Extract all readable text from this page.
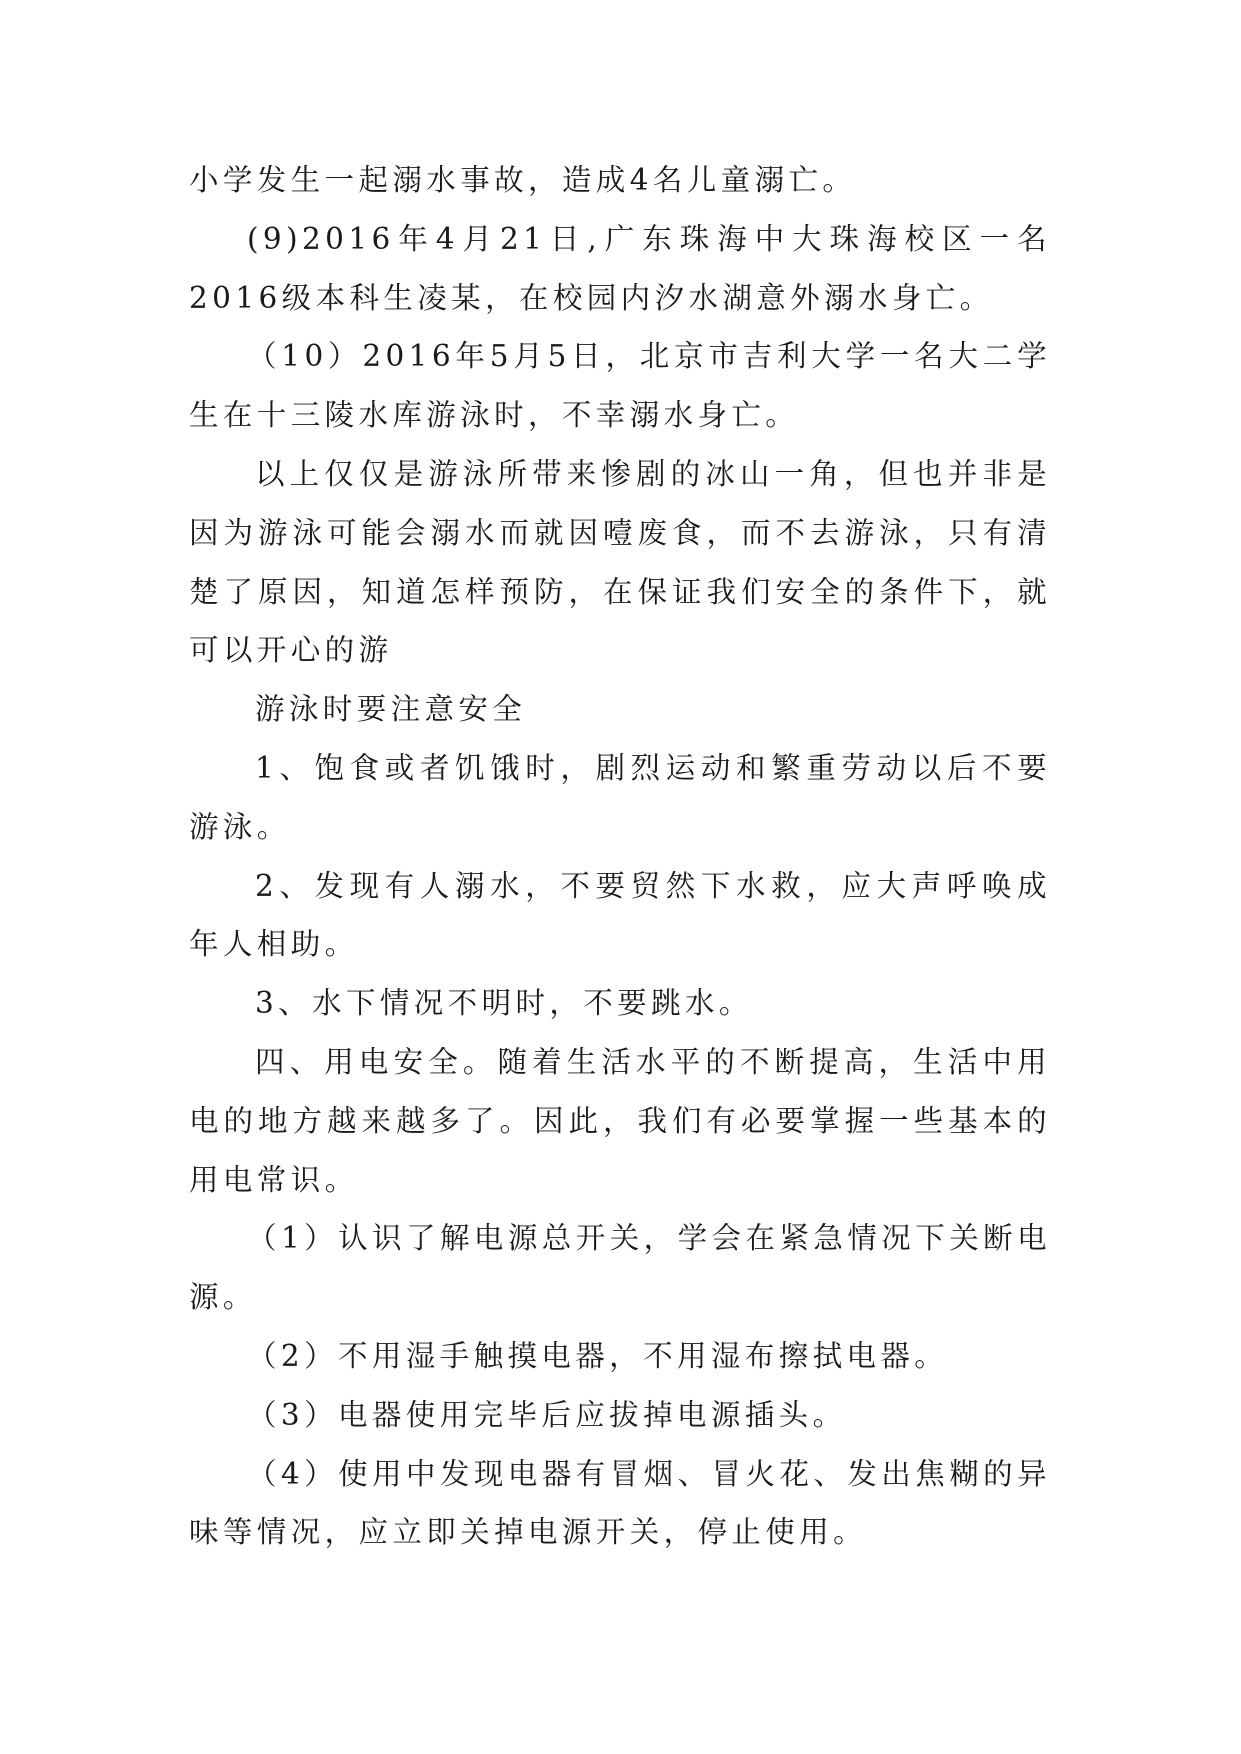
小学发生一起溺水事故，造成4名儿童溺亡。

(9)2016年4月21日,广东珠海中大珠海校区一名2016级本科生凌某，在校园内汐水湖意外溺水身亡。

（10）2016年5月5日，北京市吉利大学一名大二学生在十三陵水库游泳时，不幸溺水身亡。

以上仅仅是游泳所带来惨剧的冰山一角，但也并非是因为游泳可能会溺水而就因噎废食，而不去游泳，只有清楚了原因，知道怎样预防，在保证我们安全的条件下，就可以开心的游

游泳时要注意安全

1、饱食或者饥饿时，剧烈运动和繁重劳动以后不要游泳。

2、发现有人溺水，不要贸然下水救，应大声呼唤成年人相助。

3、水下情况不明时，不要跳水。

四、用电安全。随着生活水平的不断提高，生活中用电的地方越来越多了。因此，我们有必要掌握一些基本的用电常识。

（1）认识了解电源总开关，学会在紧急情况下关断电源。

（2）不用湿手触摸电器，不用湿布擦拭电器。

（3）电器使用完毕后应拔掉电源插头。

（4）使用中发现电器有冒烟、冒火花、发出焦糊的异味等情况，应立即关掉电源开关，停止使用。
